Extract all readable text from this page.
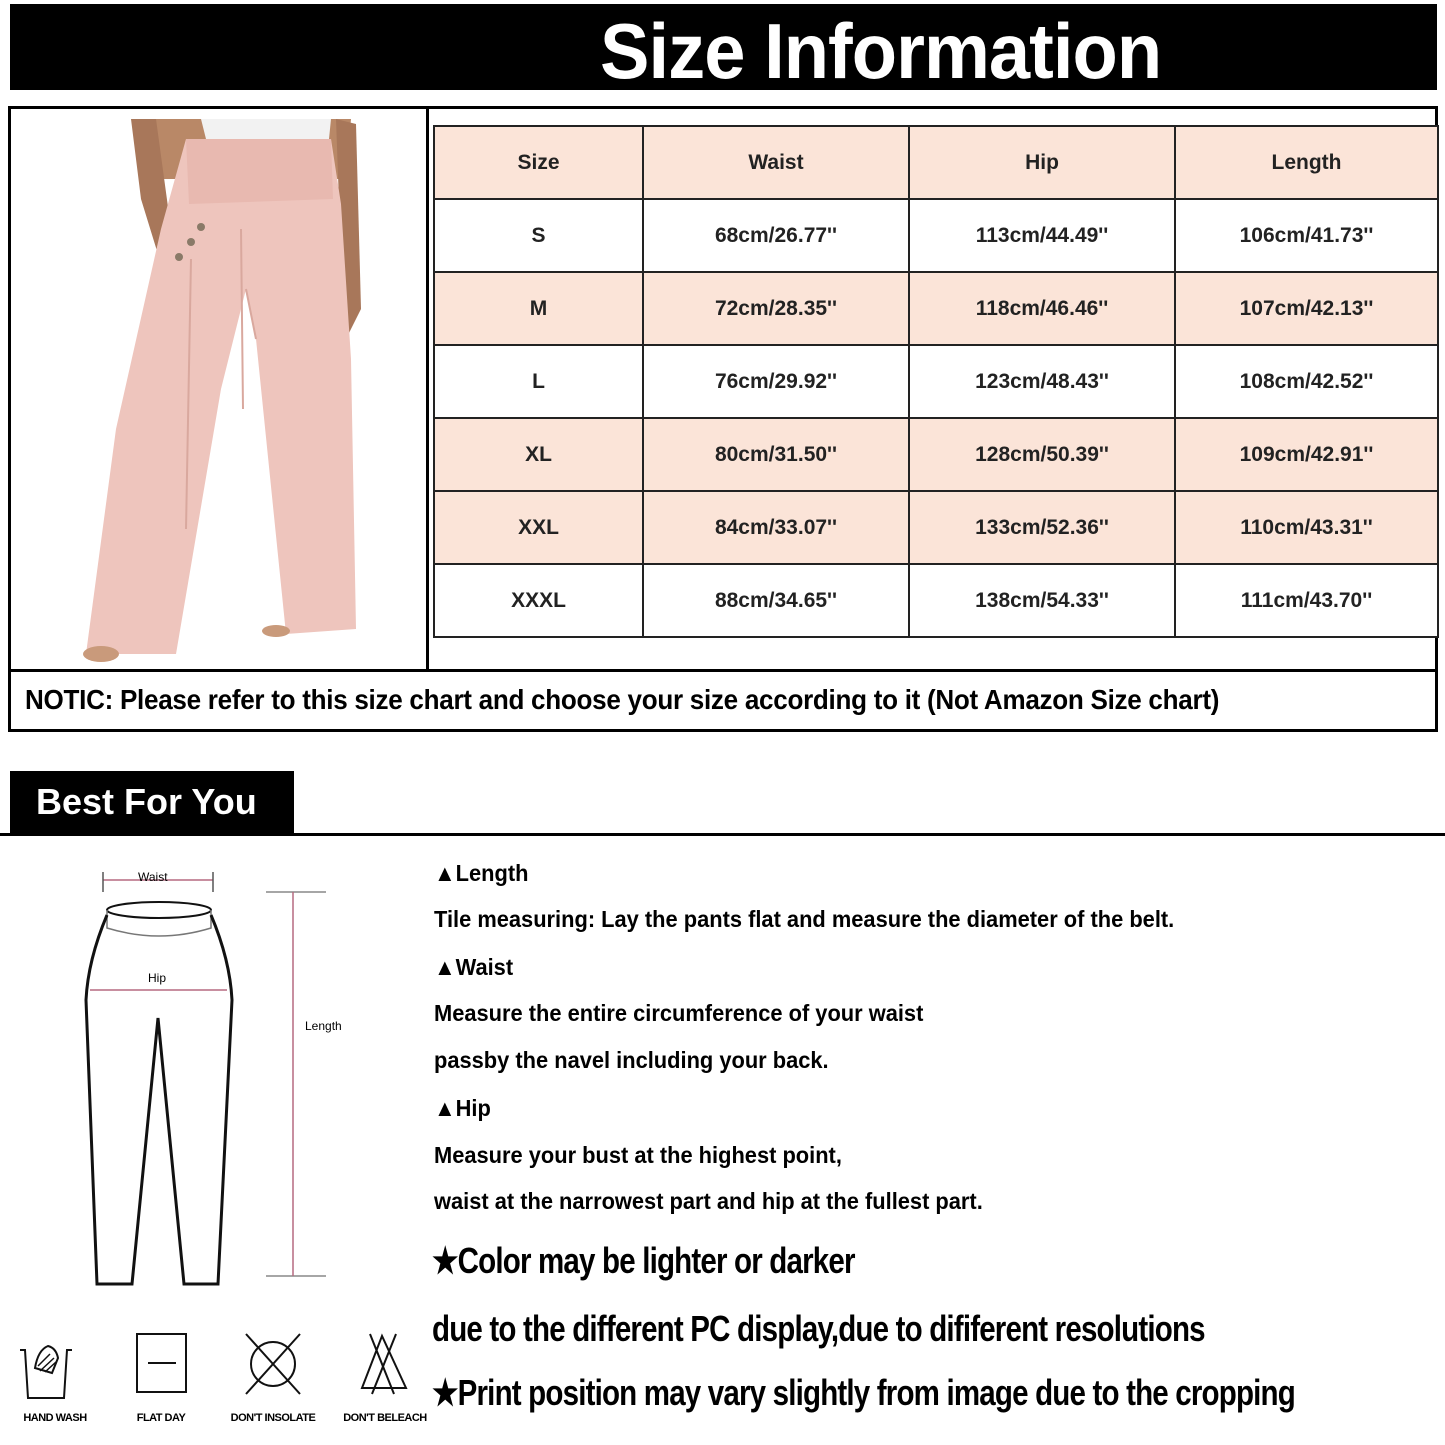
Size Information
Size	Waist	Hip	Length
S	68cm/26.77''	113cm/44.49''	106cm/41.73''
M	72cm/28.35''	118cm/46.46''	107cm/42.13''
L	76cm/29.92''	123cm/48.43''	108cm/42.52''
XL	80cm/31.50''	128cm/50.39''	109cm/42.91''
XXL	84cm/33.07''	133cm/52.36''	110cm/43.31''
XXXL	88cm/34.65''	138cm/54.33''	111cm/43.70''
NOTIC: Please refer to this size chart and choose your size according to it (Not Amazon Size chart)
Best For You
Waist
Hip
Length
HAND WASH	FLAT DAY	DON'T INSOLATE	DON'T BELEACH
▲Length
Tile measuring: Lay the pants flat and measure the diameter of the belt.
▲Waist
Measure the entire circumference of your waist
passby the navel including your back.
▲Hip
Measure your bust at the highest point,
waist at the narrowest part and hip at the fullest part.
★Color may be lighter or darker
due to the different PC display,due to dififerent resolutions
★Print position may vary slightly from image due to the cropping
